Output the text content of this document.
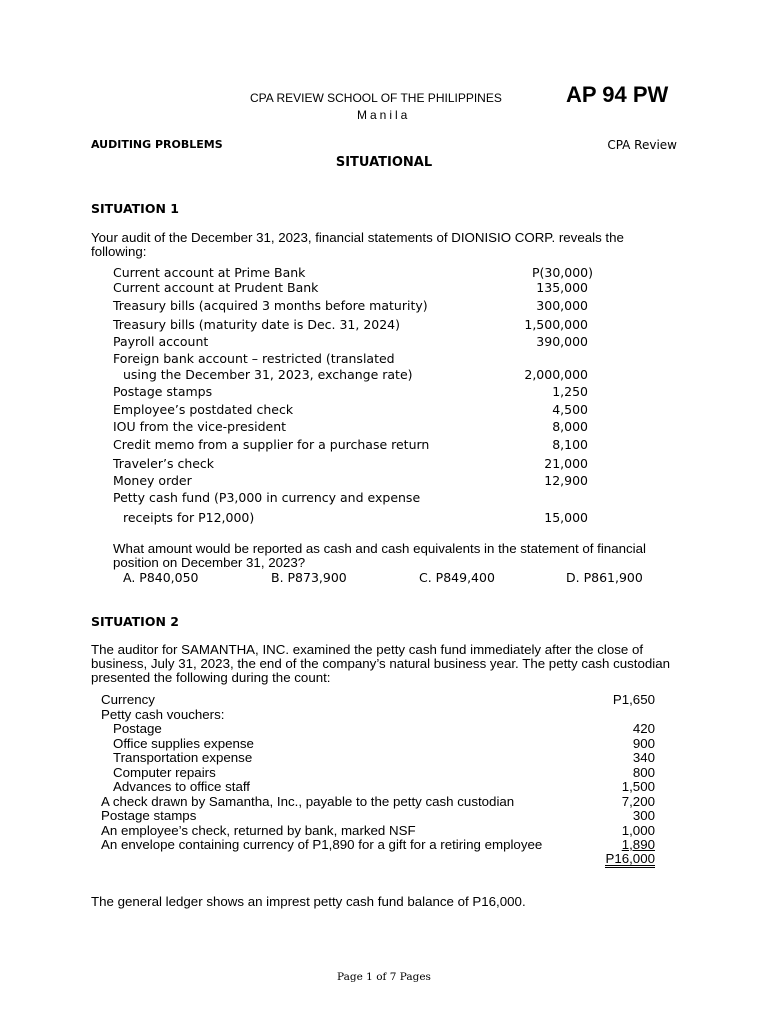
CPA REVIEW SCHOOL OF THE PHILIPPINES
Manila
AP 94 PW
AUDITING PROBLEMS	CPA Review
SITUATIONAL
SITUATION 1
Your audit of the December 31, 2023, financial statements of DIONISIO CORP. reveals the following:
Current account at Prime Bank	P(30,000)
Current account at Prudent Bank	135,000
Treasury bills (acquired 3 months before maturity)	300,000
Treasury bills (maturity date is Dec. 31, 2024)	1,500,000
Payroll account	390,000
Foreign bank account – restricted (translated
using the December 31, 2023, exchange rate)	2,000,000
Postage stamps	1,250
Employee’s postdated check	4,500
IOU from the vice-president	8,000
Credit memo from a supplier for a purchase return	8,100
Traveler’s check	21,000
Money order	12,900
Petty cash fund (P3,000 in currency and expense
receipts for P12,000)	15,000
What amount would be reported as cash and cash equivalents in the statement of financial position on December 31, 2023?
A. P840,050	B. P873,900	C. P849,400	D. P861,900
SITUATION 2
The auditor for SAMANTHA, INC. examined the petty cash fund immediately after the close of business, July 31, 2023, the end of the company’s natural business year. The petty cash custodian presented the following during the count:
Currency	P1,650
Petty cash vouchers:
Postage	420
Office supplies expense	900
Transportation expense	340
Computer repairs	800
Advances to office staff	1,500
A check drawn by Samantha, Inc., payable to the petty cash custodian	7,200
Postage stamps	300
An employee’s check, returned by bank, marked NSF	1,000
An envelope containing currency of P1,890 for a gift for a retiring employee	1,890
P16,000
The general ledger shows an imprest petty cash fund balance of P16,000.
Page 1 of 7 Pages
